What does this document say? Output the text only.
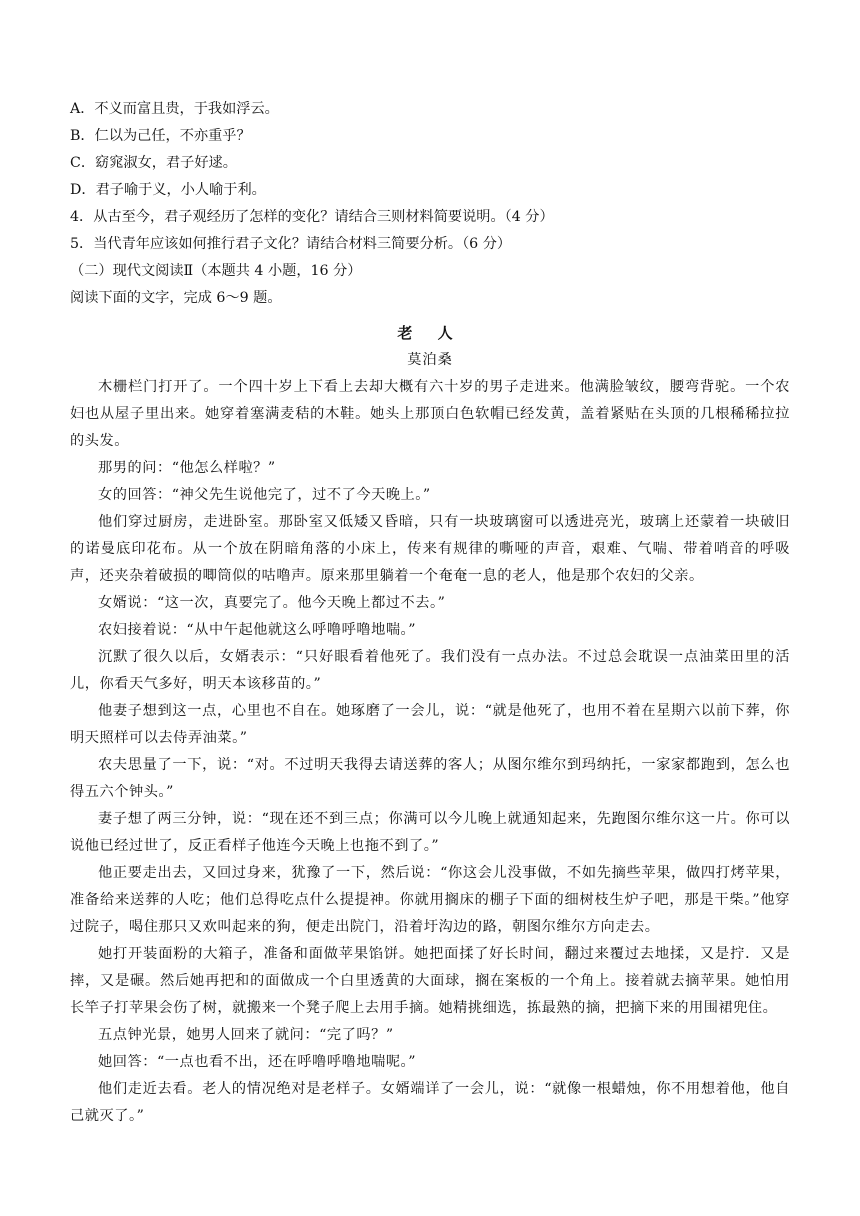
A．不义而富且贵，于我如浮云。

B．仁以为己任，不亦重乎？

C．窈窕淑女，君子好逑。

D．君子喻于义，小人喻于利。

4．从古至今，君子观经历了怎样的变化？请结合三则材料简要说明。（4 分）

5．当代青年应该如何推行君子文化？请结合材料三简要分析。（6 分）

（二）现代文阅读Ⅱ（本题共 4 小题，16 分）

阅读下面的文字，完成 6～9 题。

老 人

莫泊桑

木栅栏门打开了。一个四十岁上下看上去却大概有六十岁的男子走进来。他满脸皱纹，腰弯背驼。一个农妇也从屋子里出来。她穿着塞满麦秸的木鞋。她头上那顶白色软帽已经发黄，盖着紧贴在头顶的几根稀稀拉拉的头发。

那男的问：“他怎么样啦？”

女的回答：“神父先生说他完了，过不了今天晚上。”

他们穿过厨房，走进卧室。那卧室又低矮又昏暗，只有一块玻璃窗可以透进亮光，玻璃上还蒙着一块破旧的诺曼底印花布。从一个放在阴暗角落的小床上，传来有规律的嘶哑的声音，艰难、气喘、带着哨音的呼吸声，还夹杂着破损的唧筒似的咕噜声。原来那里躺着一个奄奄一息的老人，他是那个农妇的父亲。

女婿说：“这一次，真要完了。他今天晚上都过不去。”

农妇接着说：“从中午起他就这么呼噜呼噜地喘。”

沉默了很久以后，女婿表示：“只好眼看着他死了。我们没有一点办法。不过总会耽误一点油菜田里的活儿，你看天气多好，明天本该移苗的。”

他妻子想到这一点，心里也不自在。她琢磨了一会儿，说：“就是他死了，也用不着在星期六以前下葬，你明天照样可以去侍弄油菜。”

农夫思量了一下，说：“对。不过明天我得去请送葬的客人；从图尔维尔到玛纳托，一家家都跑到，怎么也得五六个钟头。”

妻子想了两三分钟，说：“现在还不到三点；你满可以今儿晚上就通知起来，先跑图尔维尔这一片。你可以说他已经过世了，反正看样子他连今天晚上也拖不到了。”

他正要走出去，又回过身来，犹豫了一下，然后说：“你这会儿没事做，不如先摘些苹果，做四打烤苹果，准备给来送葬的人吃；他们总得吃点什么提提神。你就用搁床的棚子下面的细树枝生炉子吧，那是干柴。”他穿过院子，喝住那只又欢叫起来的狗，便走出院门，沿着圩沟边的路，朝图尔维尔方向走去。

她打开装面粉的大箱子，准备和面做苹果馅饼。她把面揉了好长时间，翻过来覆过去地揉，又是拧．又是摔，又是碾。然后她再把和的面做成一个白里透黄的大面球，搁在案板的一个角上。接着就去摘苹果。她怕用长竿子打苹果会伤了树，就搬来一个凳子爬上去用手摘。她精挑细选，拣最熟的摘，把摘下来的用围裙兜住。

五点钟光景，她男人回来了就问：“完了吗？”

她回答：“一点也看不出，还在呼噜呼噜地喘呢。”

他们走近去看。老人的情况绝对是老样子。女婿端详了一会儿，说：“就像一根蜡烛，你不用想着他，他自己就灭了。”
